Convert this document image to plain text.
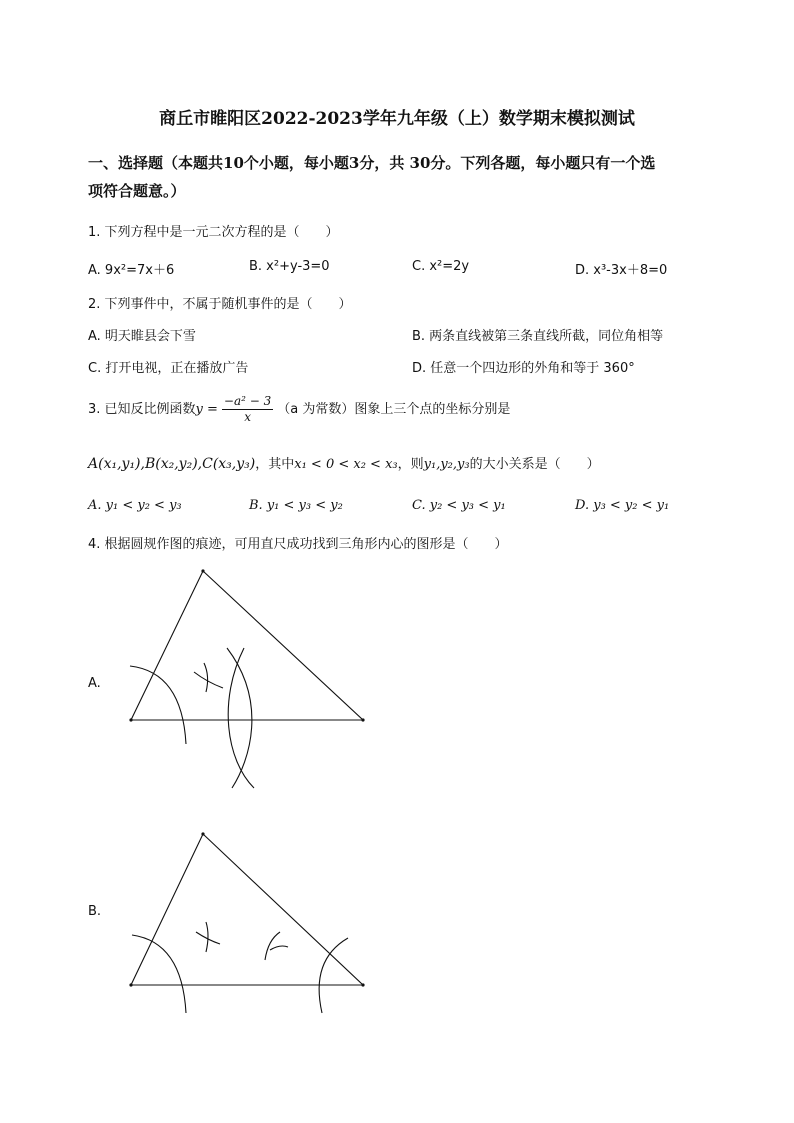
商丘市睢阳区2022-2023学年九年级（上）数学期末模拟测试
一、选择题（本题共10个小题，每小题3分，共 30分。下列各题，每小题只有一个选
项符合题意。）
1. 下列方程中是一元二次方程的是（　　）
A. 9x²=7x＋6	B. x²+y-3=0	C. x²=2y	D. x³-3x＋8=0
2. 下列事件中，不属于随机事件的是（　　）
A. 明天睢县会下雪	B. 两条直线被第三条直线所截，同位角相等
C. 打开电视，正在播放广告	D. 任意一个四边形的外角和等于 360°
3. 已知反比例函数$y = \frac{\text{−a² − 3}}{x} (a$ 为常数）图象上三个点的坐标分别是
A(x₁,y₁),B(x₂,y₂),C(x₃,y₃)，其中x₁ < 0 < x₂ < x₃，则y₁,y₂,y₃的大小关系是（　　）
A. y₁ < y₂ < y₃	B. y₁ < y₃ < y₂	C. y₂ < y₃ < y₁	D. y₃ < y₂ < y₁
4. 根据圆规作图的痕迹，可用直尺成功找到三角形内心的图形是（　　）
A.
B.
